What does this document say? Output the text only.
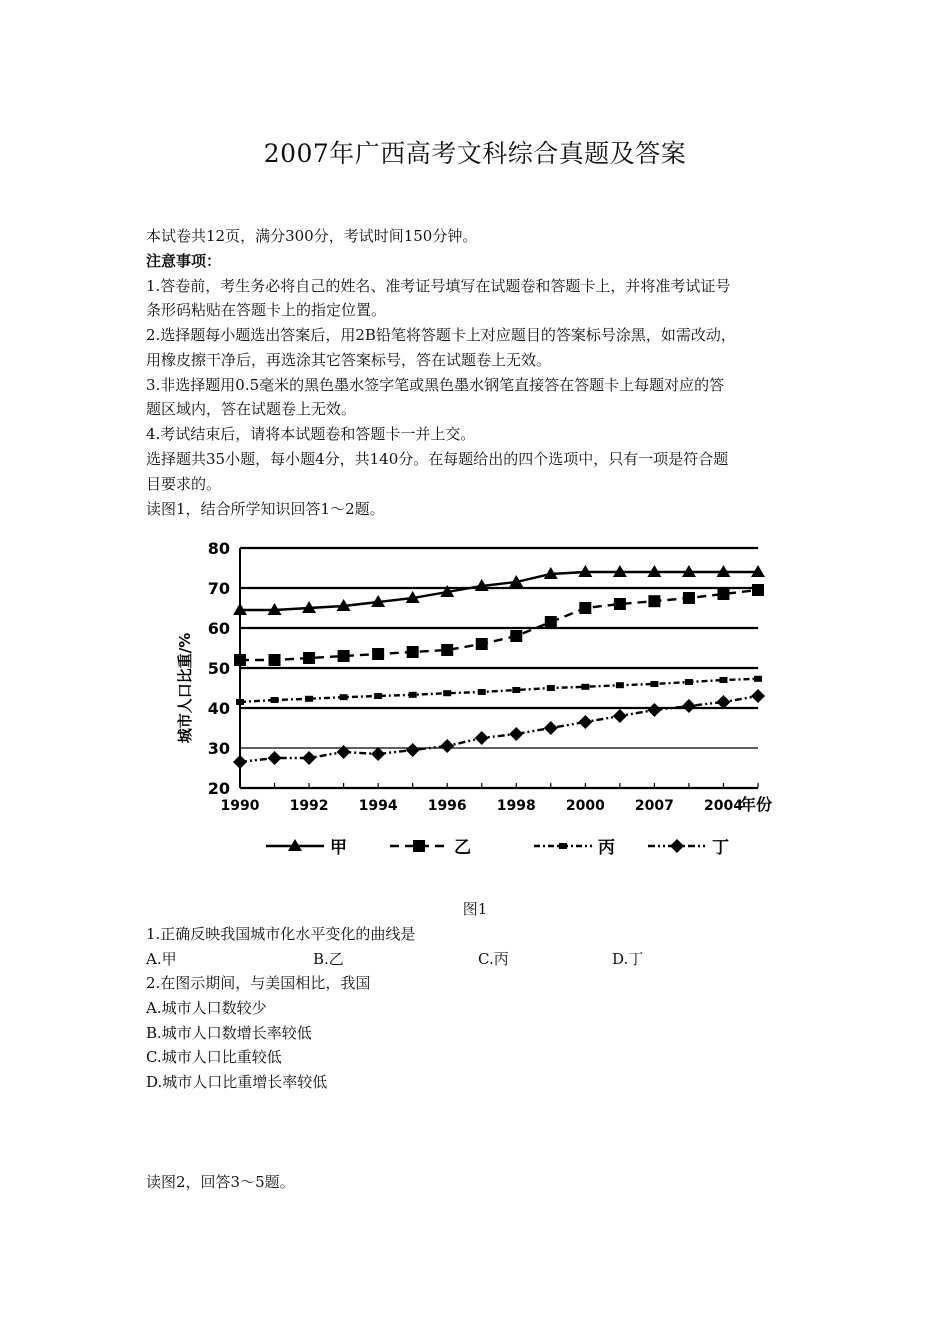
2007年广西高考文科综合真题及答案
本试卷共12页，满分300分，考试时间150分钟。
注意事项：
1.答卷前，考生务必将自己的姓名、准考证号填写在试题卷和答题卡上，并将准考试证号
条形码粘贴在答题卡上的指定位置。
2.选择题每小题选出答案后，用2B铅笔将答题卡上对应题目的答案标号涂黑，如需改动，
用橡皮擦干净后，再选涂其它答案标号，答在试题卷上无效。
3.非选择题用0.5毫米的黑色墨水签字笔或黑色墨水钢笔直接答在答题卡上每题对应的答
题区域内，答在试题卷上无效。
4.考试结束后，请将本试题卷和答题卡一并上交。
选择题共35小题，每小题4分，共140分。在每题给出的四个选项中，只有一项是符合题
目要求的。
读图1，结合所学知识回答1～2题。
20
30
40
50
60
70
80
1990 1992 1994 1996 1998 2000 2007 2004
甲	乙	丙	丁
城市人口比重/%
年份
图1
1.正确反映我国城市化水平变化的曲线是
A.甲	B.乙	C.丙	D.丁
2.在图示期间，与美国相比，我国
A.城市人口数较少
B.城市人口数增长率较低
C.城市人口比重较低
D.城市人口比重增长率较低
读图2，回答3～5题。
